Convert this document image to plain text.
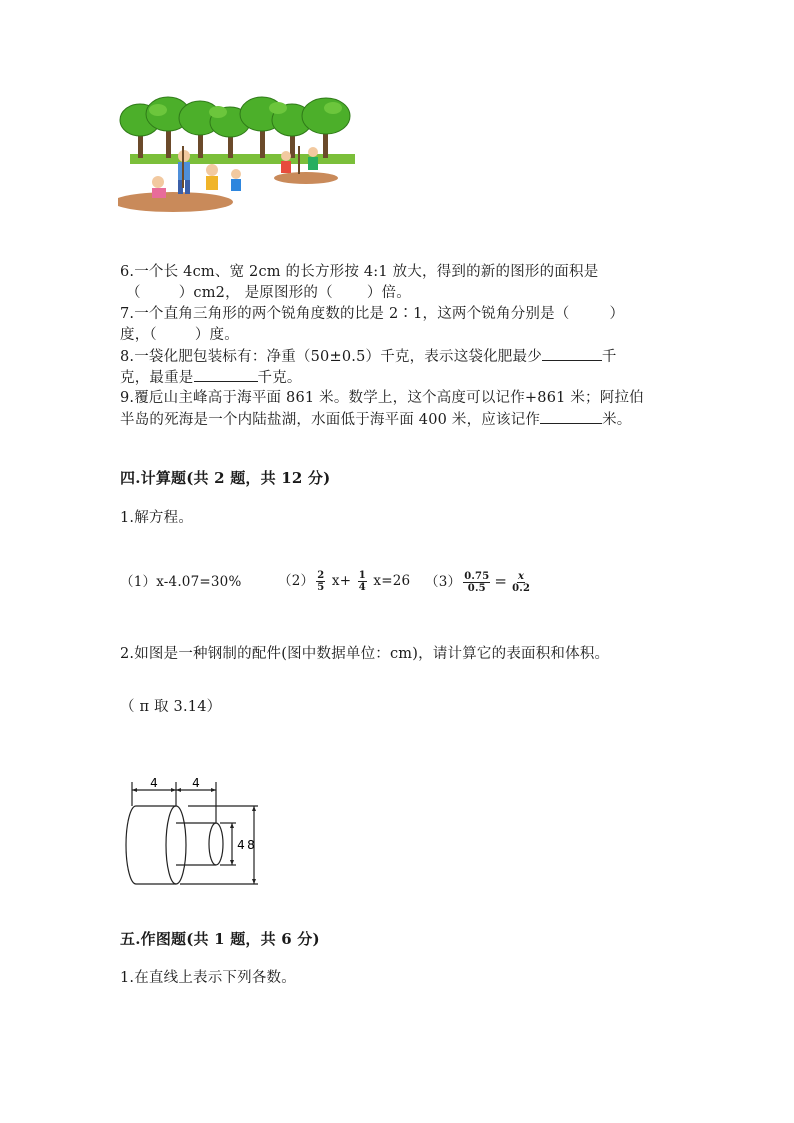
6.一个长 4cm、宽 2cm 的长方形按 4:1 放大，得到的新的图形的面积是
（	）cm2， 是原图形的（ ）倍。
7.一个直角三角形的两个锐角度数的比是 2∶1，这两个锐角分别是（	）
度，（	）度。
8.一袋化肥包装标有：净重（50±0.5）千克，表示这袋化肥最少	千
克，最重是	千克。
9.覆卮山主峰高于海平面 861 米。数学上，这个高度可以记作+861 米；阿拉伯
半岛的死海是一个内陆盐湖，水面低于海平面 400 米，应该记作	米。
四.计算题(共 2 题，共 12 分)
1.解方程。
（1）x-4.07=30%	$(2) \frac{2}{5} x+ \frac{1}{4} x=26$ $(3) \frac{0.75}{0.5} = \frac{x}{0.2}$
2.如图是一种钢制的配件(图中数据单位：cm)，请计算它的表面积和体积。
（ π 取 3.14）
4	4
4 8
五.作图题(共 1 题，共 6 分)
1.在直线上表示下列各数。
